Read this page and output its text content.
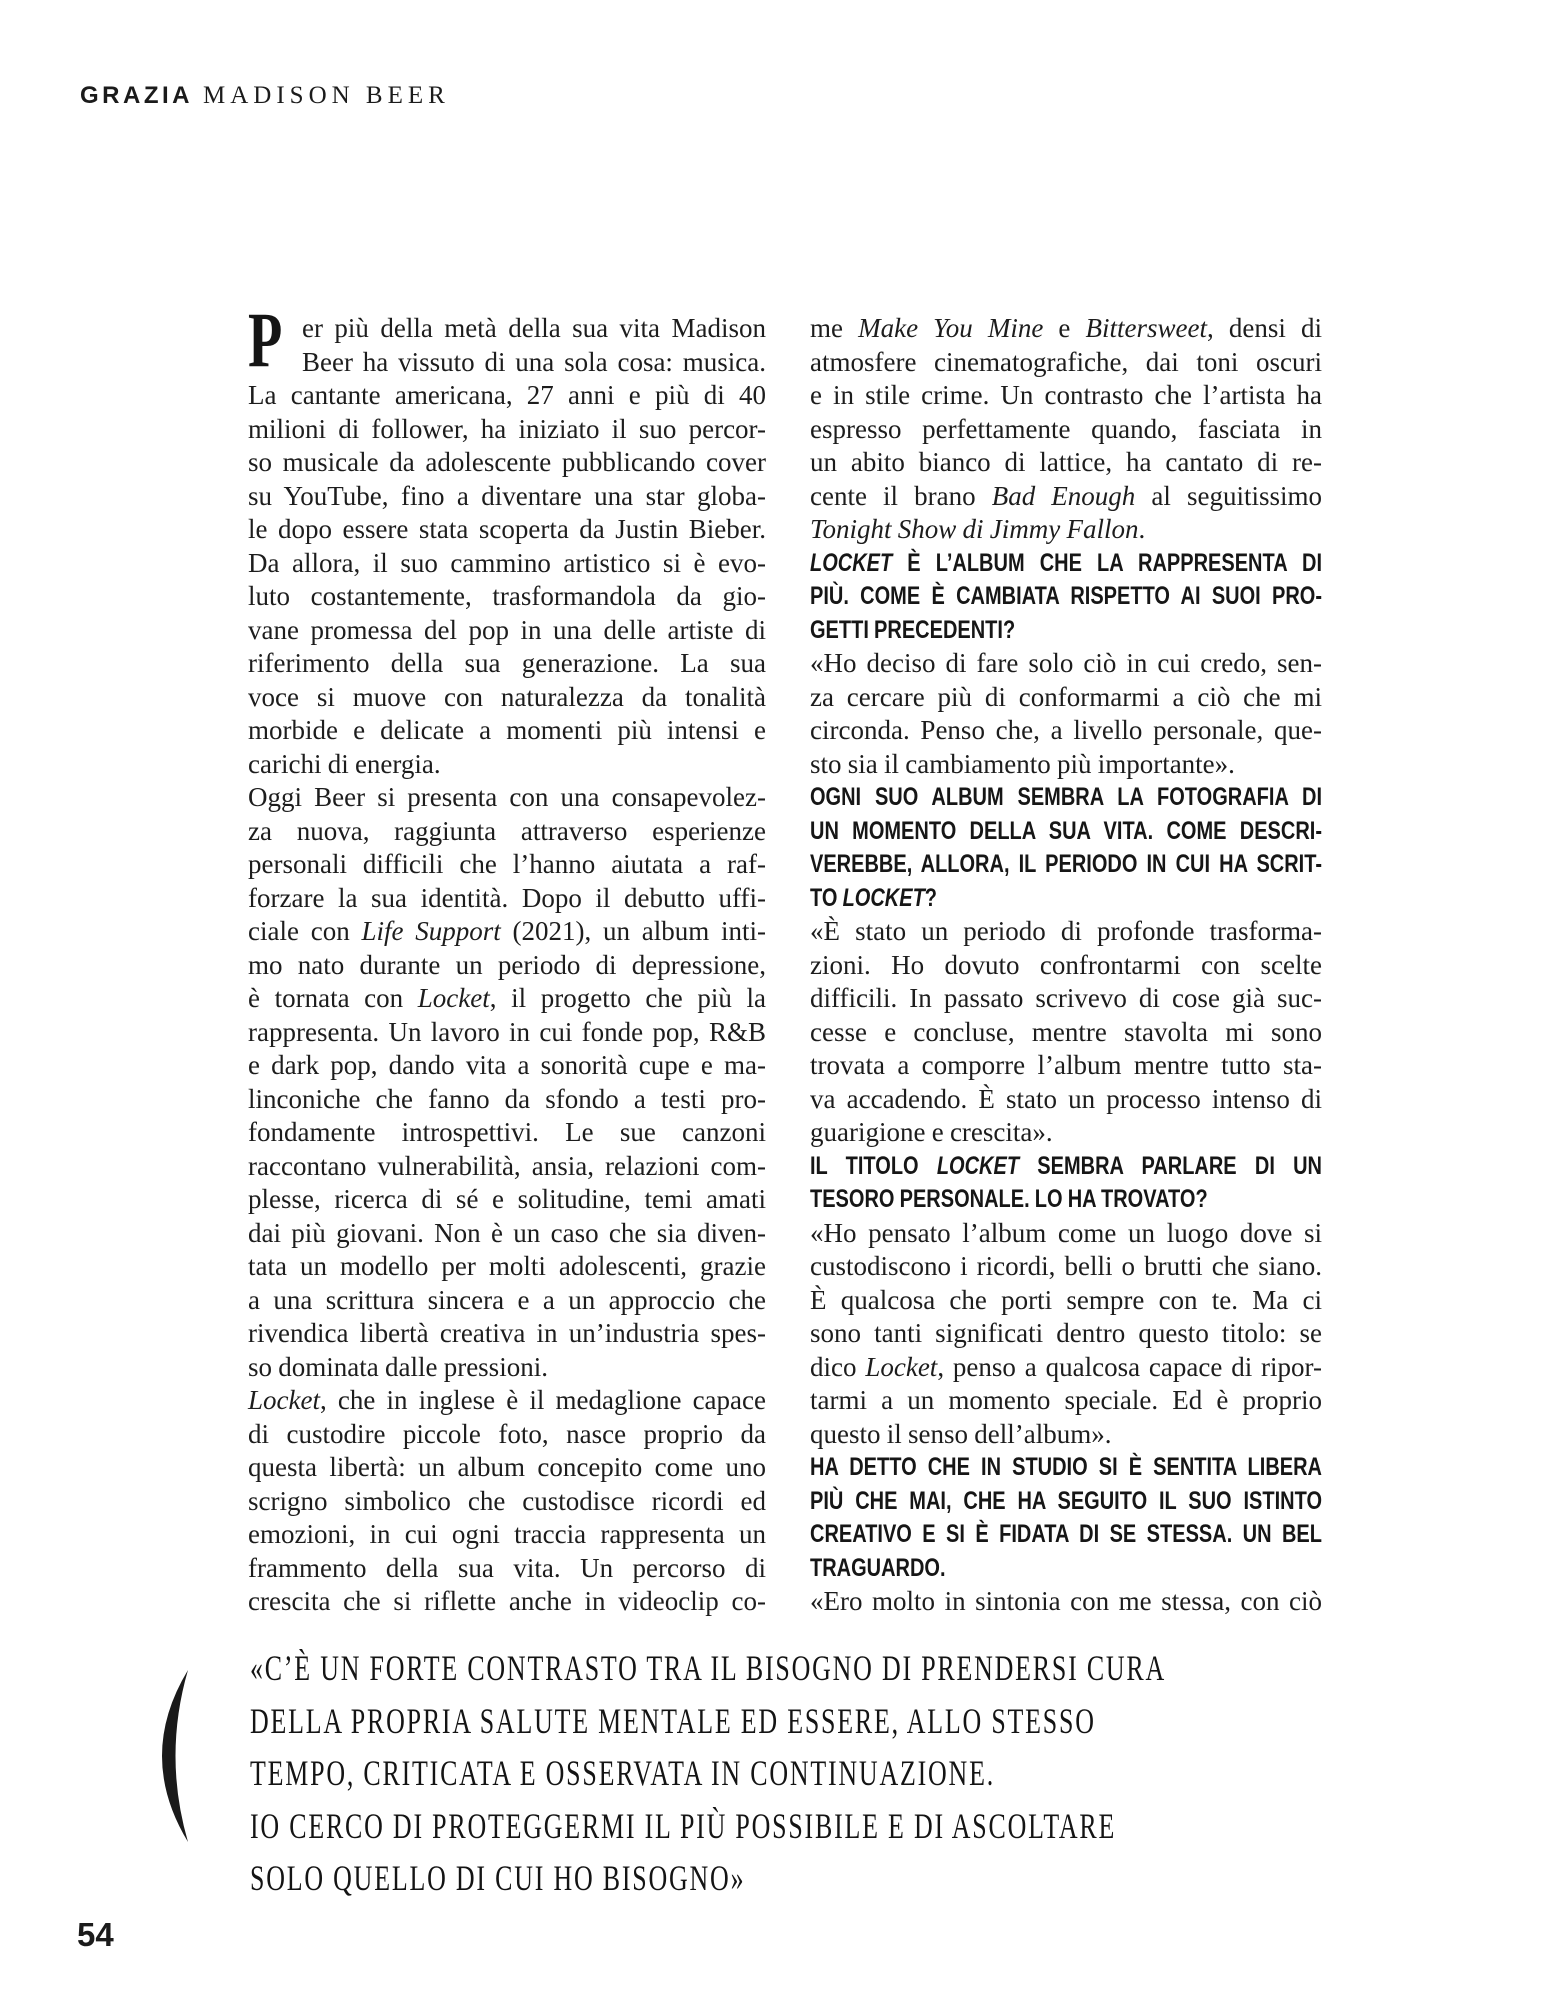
GRAZIA MADISON BEER
P er più della metà della sua vita Madison
Beer ha vissuto di una sola cosa: musica.
La cantante americana, 27 anni e più di 40
milioni di follower, ha iniziato il suo percor-
so musicale da adolescente pubblicando cover
su YouTube, fino a diventare una star globa-
le dopo essere stata scoperta da Justin Bieber.
Da allora, il suo cammino artistico si è evo-
luto costantemente, trasformandola da gio-
vane promessa del pop in una delle artiste di
riferimento della sua generazione. La sua
voce si muove con naturalezza da tonalità
morbide e delicate a momenti più intensi e
carichi di energia.
Oggi Beer si presenta con una consapevolez-
za nuova, raggiunta attraverso esperienze
personali difficili che l’hanno aiutata a raf-
forzare la sua identità. Dopo il debutto uffi-
ciale con Life Support (2021), un album inti-
mo nato durante un periodo di depressione,
è tornata con Locket, il progetto che più la
rappresenta. Un lavoro in cui fonde pop, R&B
e dark pop, dando vita a sonorità cupe e ma-
linconiche che fanno da sfondo a testi pro-
fondamente introspettivi. Le sue canzoni
raccontano vulnerabilità, ansia, relazioni com-
plesse, ricerca di sé e solitudine, temi amati
dai più giovani. Non è un caso che sia diven-
tata un modello per molti adolescenti, grazie
a una scrittura sincera e a un approccio che
rivendica libertà creativa in un’industria spes-
so dominata dalle pressioni.
Locket, che in inglese è il medaglione capace
di custodire piccole foto, nasce proprio da
questa libertà: un album concepito come uno
scrigno simbolico che custodisce ricordi ed
emozioni, in cui ogni traccia rappresenta un
frammento della sua vita. Un percorso di
crescita che si riflette anche in videoclip co-
me Make You Mine e Bittersweet, densi di
atmosfere cinematografiche, dai toni oscuri
e in stile crime. Un contrasto che l’artista ha
espresso perfettamente quando, fasciata in
un abito bianco di lattice, ha cantato di re-
cente il brano Bad Enough al seguitissimo
Tonight Show di Jimmy Fallon.
LOCKET È L’ALBUM CHE LA RAPPRESENTA DI
PIÙ. COME È CAMBIATA RISPETTO AI SUOI PRO-
GETTI PRECEDENTI?
«Ho deciso di fare solo ciò in cui credo, sen-
za cercare più di conformarmi a ciò che mi
circonda. Penso che, a livello personale, que-
sto sia il cambiamento più importante».
OGNI SUO ALBUM SEMBRA LA FOTOGRAFIA DI
UN MOMENTO DELLA SUA VITA. COME DESCRI-
VEREBBE, ALLORA, IL PERIODO IN CUI HA SCRIT-
TO LOCKET?
«È stato un periodo di profonde trasforma-
zioni. Ho dovuto confrontarmi con scelte
difficili. In passato scrivevo di cose già suc-
cesse e concluse, mentre stavolta mi sono
trovata a comporre l’album mentre tutto sta-
va accadendo. È stato un processo intenso di
guarigione e crescita».
IL TITOLO LOCKET SEMBRA PARLARE DI UN
TESORO PERSONALE. LO HA TROVATO?
«Ho pensato l’album come un luogo dove si
custodiscono i ricordi, belli o brutti che siano.
È qualcosa che porti sempre con te. Ma ci
sono tanti significati dentro questo titolo: se
dico Locket, penso a qualcosa capace di ripor-
tarmi a un momento speciale. Ed è proprio
questo il senso dell’album».
HA DETTO CHE IN STUDIO SI È SENTITA LIBERA
PIÙ CHE MAI, CHE HA SEGUITO IL SUO ISTINTO
CREATIVO E SI È FIDATA DI SE STESSA. UN BEL
TRAGUARDO.
«Ero molto in sintonia con me stessa, con ciò
«C’È UN FORTE CONTRASTO TRA IL BISOGNO DI PRENDERSI CURA
DELLA PROPRIA SALUTE MENTALE ED ESSERE, ALLO STESSO
TEMPO, CRITICATA E OSSERVATA IN CONTINUAZIONE.
IO CERCO DI PROTEGGERMI IL PIÙ POSSIBILE E DI ASCOLTARE
SOLO QUELLO DI CUI HO BISOGNO»
54
